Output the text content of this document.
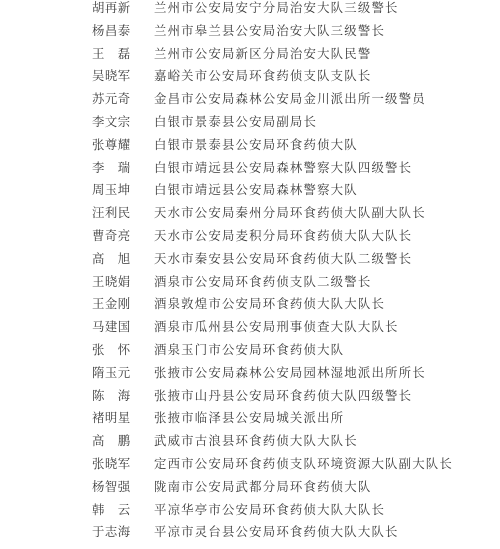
胡再新	兰州市公安局安宁分局治安大队三级警长
杨昌泰	兰州市皋兰县公安局治安大队三级警长
王　磊	兰州市公安局新区分局治安大队民警
吴晓军	嘉峪关市公安局环食药侦支队支队长
苏元奇	金昌市公安局森林公安局金川派出所一级警员
李文宗	白银市景泰县公安局副局长
张尊耀	白银市景泰县公安局环食药侦大队
李　瑞	白银市靖远县公安局森林警察大队四级警长
周玉坤	白银市靖远县公安局森林警察大队
汪利民	天水市公安局秦州分局环食药侦大队副大队长
曹奇亮	天水市公安局麦积分局环食药侦大队大队长
高　旭	天水市秦安县公安局环食药侦大队二级警长
王晓娟	酒泉市公安局环食药侦支队二级警长
王金刚	酒泉敦煌市公安局环食药侦大队大队长
马建国	酒泉市瓜州县公安局刑事侦查大队大队长
张　怀	酒泉玉门市公安局环食药侦大队
隋玉元	张掖市公安局森林公安局园林湿地派出所所长
陈　海	张掖市山丹县公安局环食药侦大队四级警长
褚明星	张掖市临泽县公安局城关派出所
高　鹏	武威市古浪县环食药侦大队大队长
张晓军	定西市公安局环食药侦支队环境资源大队副大队长
杨智强	陇南市公安局武都分局环食药侦大队
韩　云	平凉华亭市公安局环食药侦大队大队长
于志海	平凉市灵台县公安局环食药侦大队大队长
